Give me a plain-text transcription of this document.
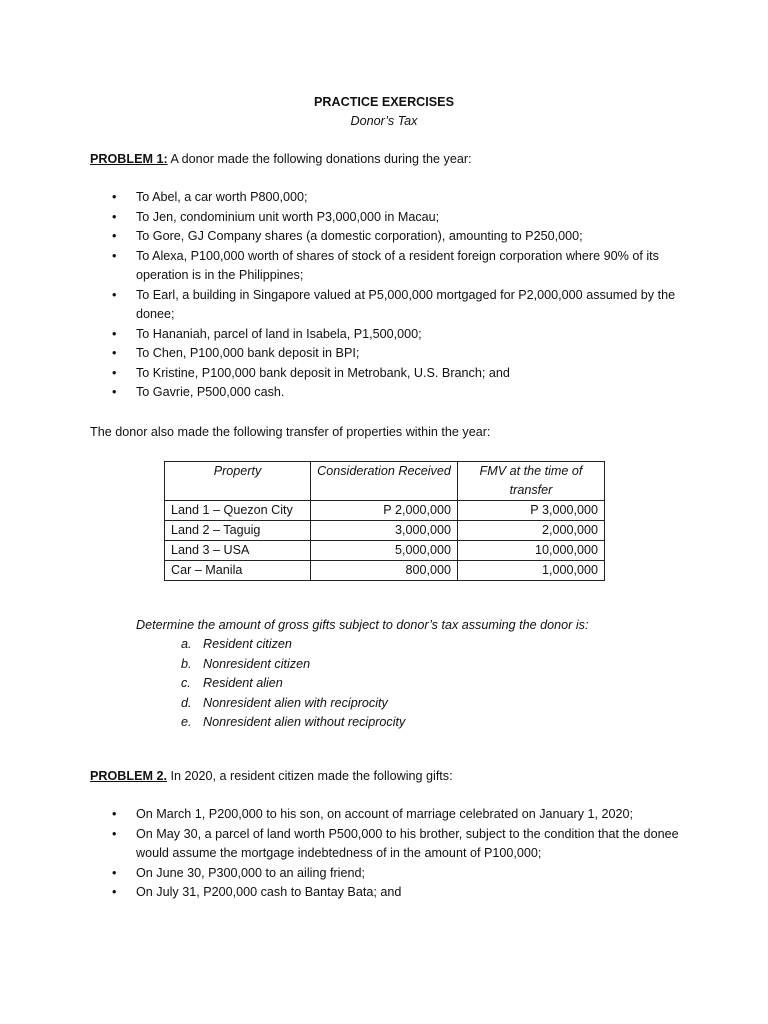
PRACTICE EXERCISES
Donor’s Tax
PROBLEM 1: A donor made the following donations during the year:
• To Abel, a car worth P800,000;
• To Jen, condominium unit worth P3,000,000 in Macau;
• To Gore, GJ Company shares (a domestic corporation), amounting to P250,000;
• To Alexa, P100,000 worth of shares of stock of a resident foreign corporation where 90% of its operation is in the Philippines;
• To Earl, a building in Singapore valued at P5,000,000 mortgaged for P2,000,000 assumed by the donee;
• To Hananiah, parcel of land in Isabela, P1,500,000;
• To Chen, P100,000 bank deposit in BPI;
• To Kristine, P100,000 bank deposit in Metrobank, U.S. Branch; and
• To Gavrie, P500,000 cash.
The donor also made the following transfer of properties within the year:
Property	Consideration Received	FMV at the time of transfer
Land 1 – Quezon City	P 2,000,000	P 3,000,000
Land 2 – Taguig	3,000,000	2,000,000
Land 3 – USA	5,000,000	10,000,000
Car – Manila	800,000	1,000,000
Determine the amount of gross gifts subject to donor’s tax assuming the donor is:
a. Resident citizen
b. Nonresident citizen
c. Resident alien
d. Nonresident alien with reciprocity
e. Nonresident alien without reciprocity
PROBLEM 2. In 2020, a resident citizen made the following gifts:
• On March 1, P200,000 to his son, on account of marriage celebrated on January 1, 2020;
• On May 30, a parcel of land worth P500,000 to his brother, subject to the condition that the donee would assume the mortgage indebtedness of in the amount of P100,000;
• On June 30, P300,000 to an ailing friend;
• On July 31, P200,000 cash to Bantay Bata; and
